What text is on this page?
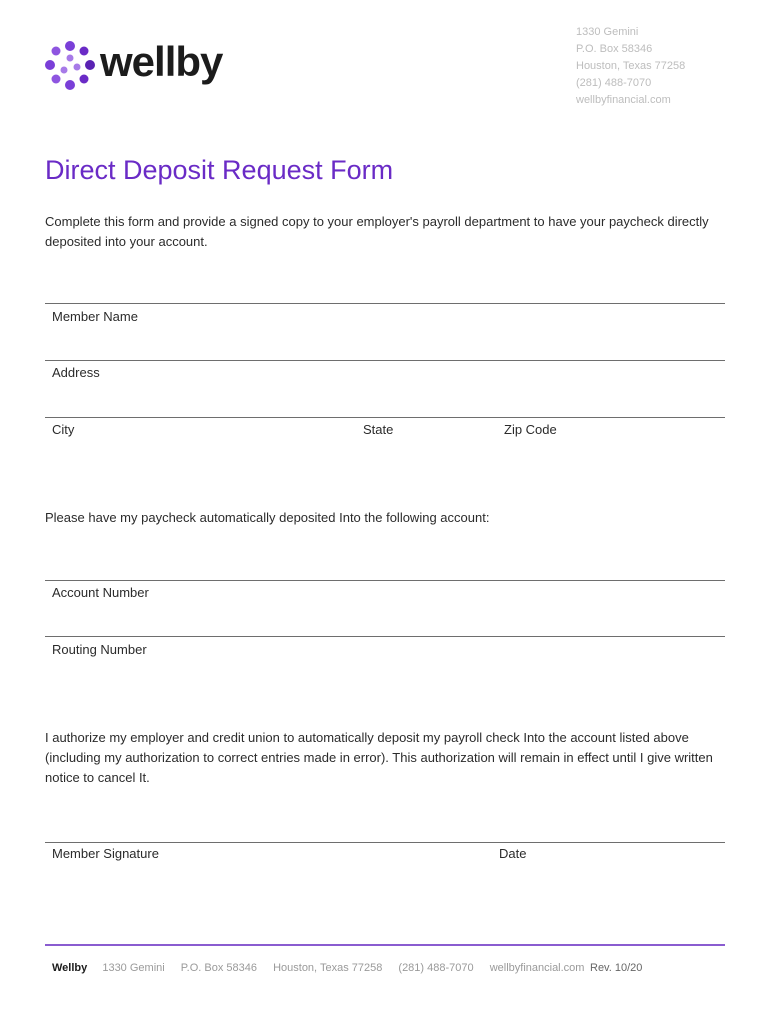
wellby
1330 Gemini
P.O. Box 58346
Houston, Texas 77258
(281) 488-7070
wellbyfinancial.com
Direct Deposit Request Form
Complete this form and provide a signed copy to your employer's payroll department to have your paycheck directly deposited into your account.
Member Name
Address
City	State	Zip Code
Please have my paycheck automatically deposited Into the following account:
Account Number
Routing Number
I authorize my employer and credit union to automatically deposit my payroll check Into the account listed above (including my authorization to correct entries made in error). This authorization will remain in effect until I give written notice to cancel It.
Member Signature	Date
Wellby 1330 Gemini P.O. Box 58346 Houston, Texas 77258 (281) 488-7070 wellbyfinancial.com Rev. 10/20
